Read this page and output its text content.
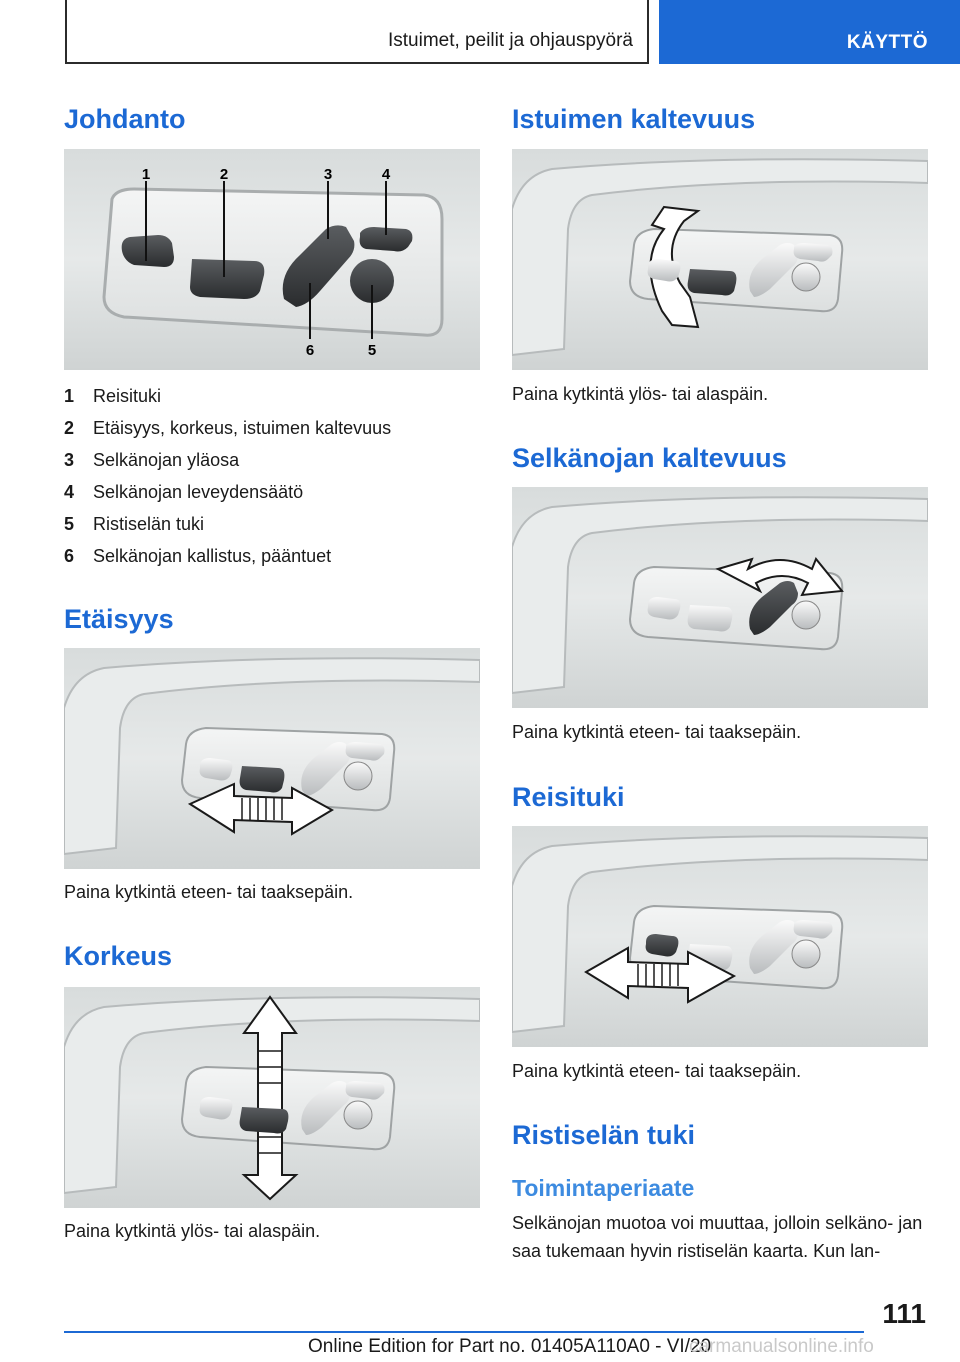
Istuimet, peilit ja ohjauspyörä	KÄYTTÖ
Johdanto
1	2	3	4
6	5
1	Reisituki
2	Etäisyys, korkeus, istuimen kaltevuus
3	Selkänojan yläosa
4	Selkänojan leveydensäätö
5	Ristiselän tuki
6	Selkänojan kallistus, pääntuet
Etäisyys
Paina kytkintä eteen- tai taaksepäin.
Korkeus
Paina kytkintä ylös- tai alaspäin.
Istuimen kaltevuus
Paina kytkintä ylös- tai alaspäin.
Selkänojan kaltevuus
Paina kytkintä eteen- tai taaksepäin.
Reisituki
Paina kytkintä eteen- tai taaksepäin.
Ristiselän tuki
Toimintaperiaate
Selkänojan muotoa voi muuttaa, jolloin selkäno‐ jan saa tukemaan hyvin ristiselän kaarta. Kun lan‐
111
Online Edition for Part no. 01405A110A0 - VI/20
carmanualsonline.info
